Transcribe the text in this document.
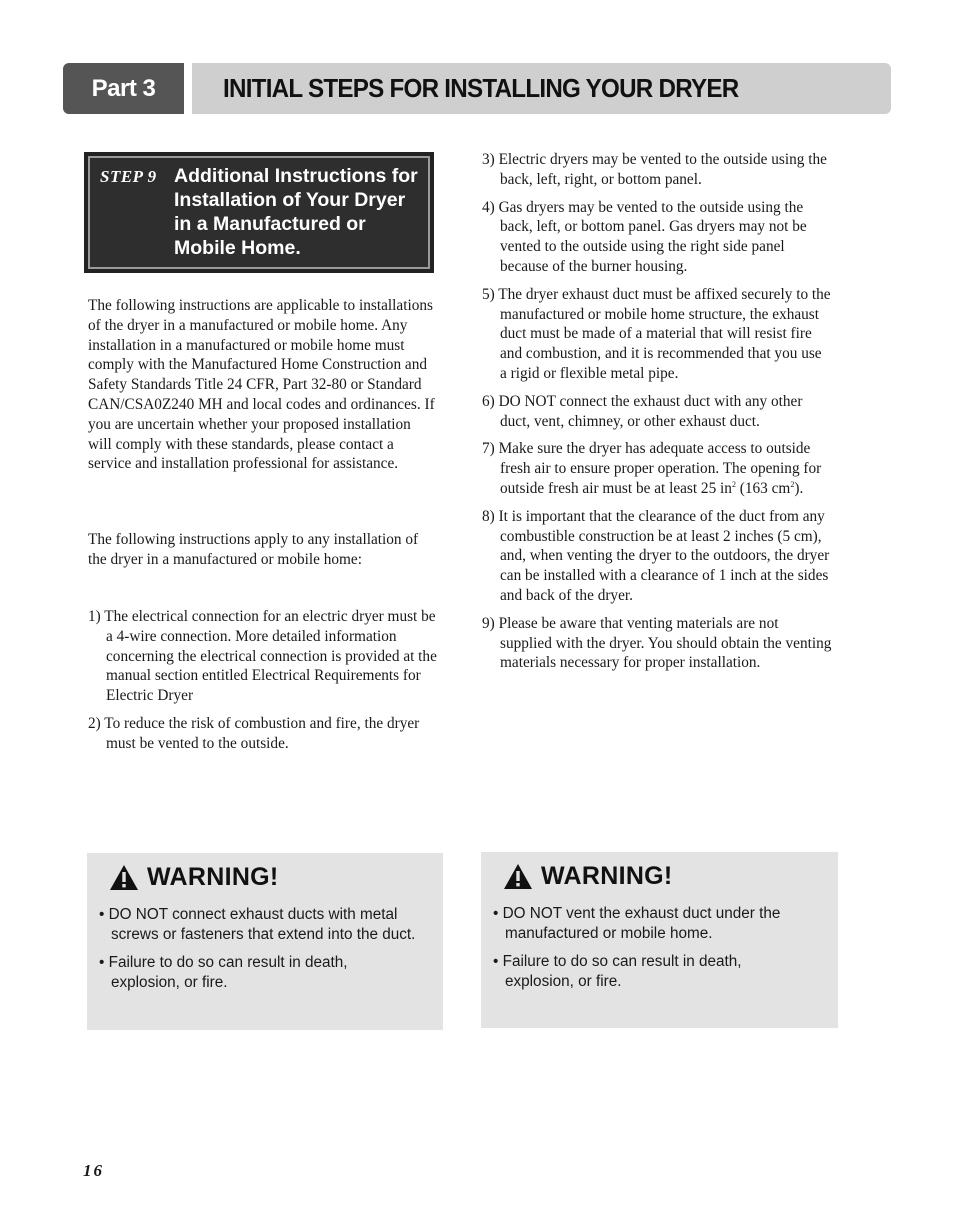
Part 3	INITIAL STEPS FOR INSTALLING YOUR DRYER
STEP 9 Additional Instructions for Installation of Your Dryer in a Manufactured or Mobile Home.

The following instructions are applicable to installations of the dryer in a manufactured or mobile home. Any installation in a manufactured or mobile home must comply with the Manufactured Home Construction and Safety Standards Title 24 CFR, Part 32-80 or Standard CAN/CSA0Z240 MH and local codes and ordinances. If you are uncertain whether your proposed installation will comply with these standards, please contact a service and installation professional for assistance.

The following instructions apply to any installation of the dryer in a manufactured or mobile home:

1) The electrical connection for an electric dryer must be a 4-wire connection. More detailed information concerning the electrical connection is provided at the manual section entitled Electrical Requirements for Electric Dryer
2) To reduce the risk of combustion and fire, the dryer must be vented to the outside.
3) Electric dryers may be vented to the outside using the back, left, right, or bottom panel.
4) Gas dryers may be vented to the outside using the back, left, or bottom panel. Gas dryers may not be vented to the outside using the right side panel because of the burner housing.
5) The dryer exhaust duct must be affixed securely to the manufactured or mobile home structure, the exhaust duct must be made of a material that will resist fire and combustion, and it is recommended that you use a rigid or flexible metal pipe.
6) DO NOT connect the exhaust duct with any other duct, vent, chimney, or other exhaust duct.
7) Make sure the dryer has adequate access to outside fresh air to ensure proper operation. The opening for outside fresh air must be at least 25 $in^2$ (163 $cm^2$).
8) It is important that the clearance of the duct from any combustible construction be at least 2 inches (5 cm), and, when venting the dryer to the outdoors, the dryer can be installed with a clearance of 1 inch at the sides and back of the dryer.
9) Please be aware that venting materials are not supplied with the dryer. You should obtain the venting materials necessary for proper installation.
WARNING!
• DO NOT connect exhaust ducts with metal screws or fasteners that extend into the duct.
• Failure to do so can result in death, explosion, or fire.
WARNING!
• DO NOT vent the exhaust duct under the manufactured or mobile home.
• Failure to do so can result in death, explosion, or fire.
16
